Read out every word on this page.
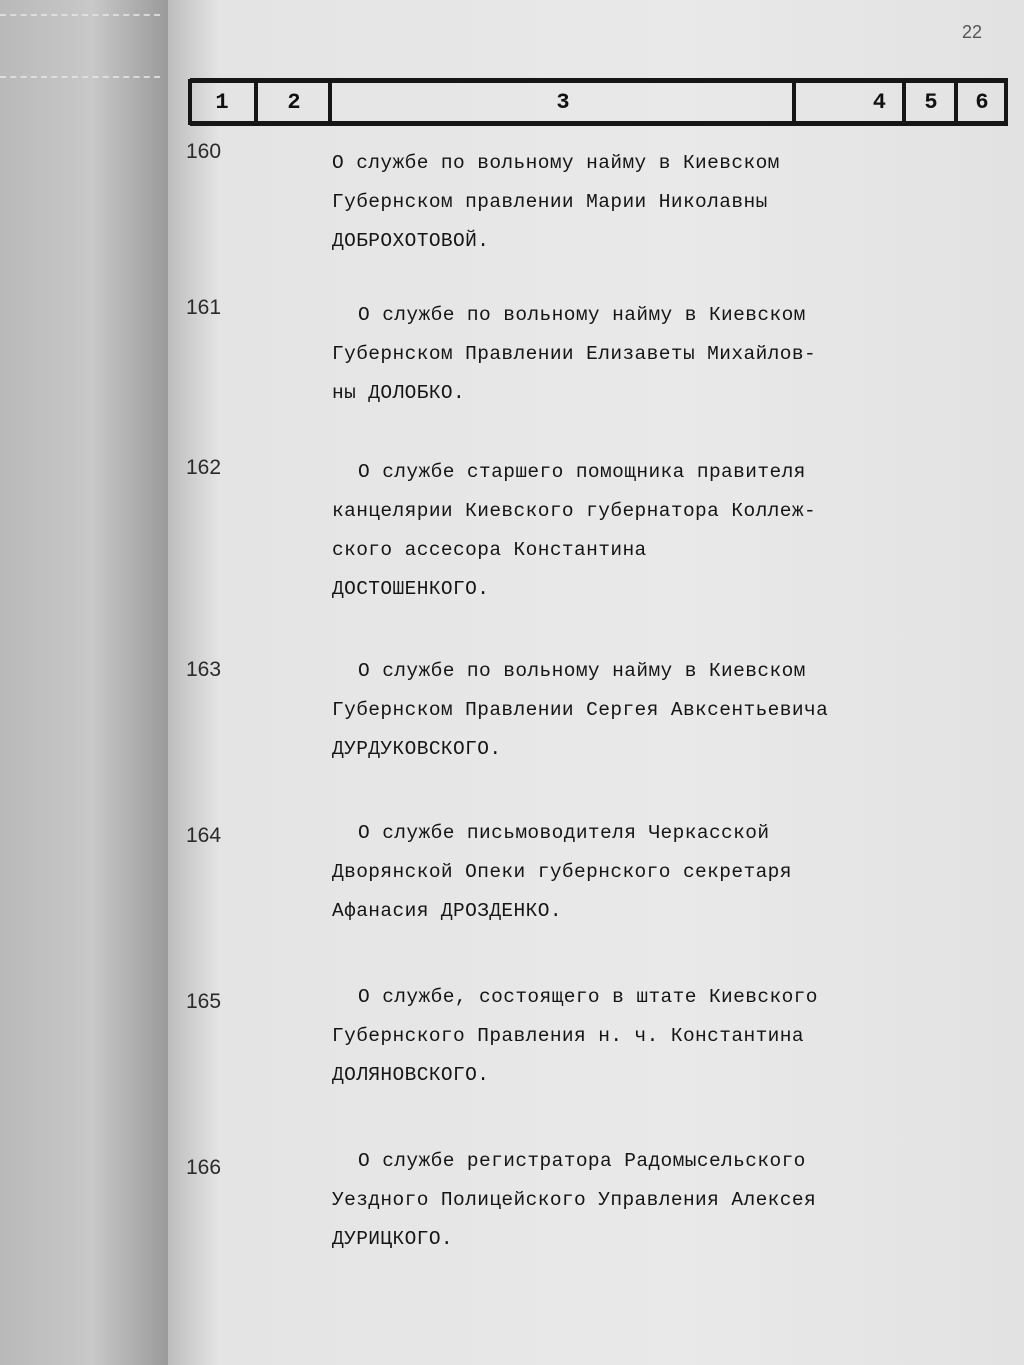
22
1	2	3	4	5	6
160	О службе по вольному найму в Киевском
Губернском правлении Марии Николавны
ДОБРОХОТОВОЙ.
161	О службе по вольному найму в Киевском
Губернском Правлении Елизаветы Михайлов-
ны ДОЛОБКО.
162	О службе старшего помощника правителя
канцелярии Киевского губернатора Коллеж-
ского ассесора Константина
ДОСТОШЕНКОГО.
163	О службе по вольному найму в Киевском
Губернском Правлении Сергея Авксентьевича
ДУРДУКОВСКОГО.
164	О службе письмоводителя Черкасской
Дворянской Опеки губернского секретаря
Афанасия ДРОЗДЕНКО.
165	О службе, состоящего в штате Киевского
Губернского Правления н. ч. Константина
ДОЛЯНОВСКОГО.
166	О службе регистратора Радомысельского
Уездного Полицейского Управления Алексея
ДУРИЦКОГО.
